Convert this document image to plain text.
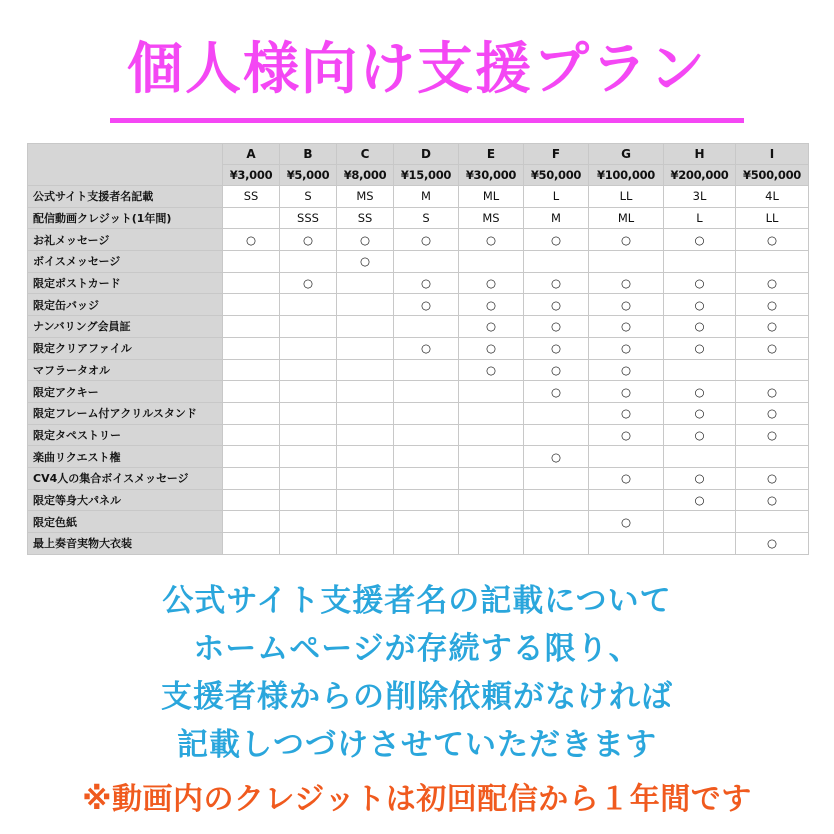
個人様向け支援プラン
	A	B	C	D	E	F	G	H	I
	¥3,000	¥5,000	¥8,000	¥15,000	¥30,000	¥50,000	¥100,000	¥200,000	¥500,000
公式サイト支援者名記載	SS	S	MS	M	ML	L	LL	3L	4L
配信動画クレジット(1年間)		SSS	SS	S	MS	M	ML	L	LL
お礼メッセージ	○	○	○	○	○	○	○	○	○
ボイスメッセージ			○						
限定ポストカード		○		○	○	○	○	○	○
限定缶バッジ				○	○	○	○	○	○
ナンバリング会員証					○	○	○	○	○
限定クリアファイル				○	○	○	○	○	○
マフラータオル					○	○	○		
限定アクキー						○	○	○	○
限定フレーム付アクリルスタンド							○	○	○
限定タペストリー							○	○	○
楽曲リクエスト権						○			
CV4人の集合ボイスメッセージ							○	○	○
限定等身大パネル								○	○
限定色紙							○		
最上奏音実物大衣装									○
公式サイト支援者名の記載について
ホームページが存続する限り、
支援者様からの削除依頼がなければ
記載しつづけさせていただきます
※動画内のクレジットは初回配信から１年間です
